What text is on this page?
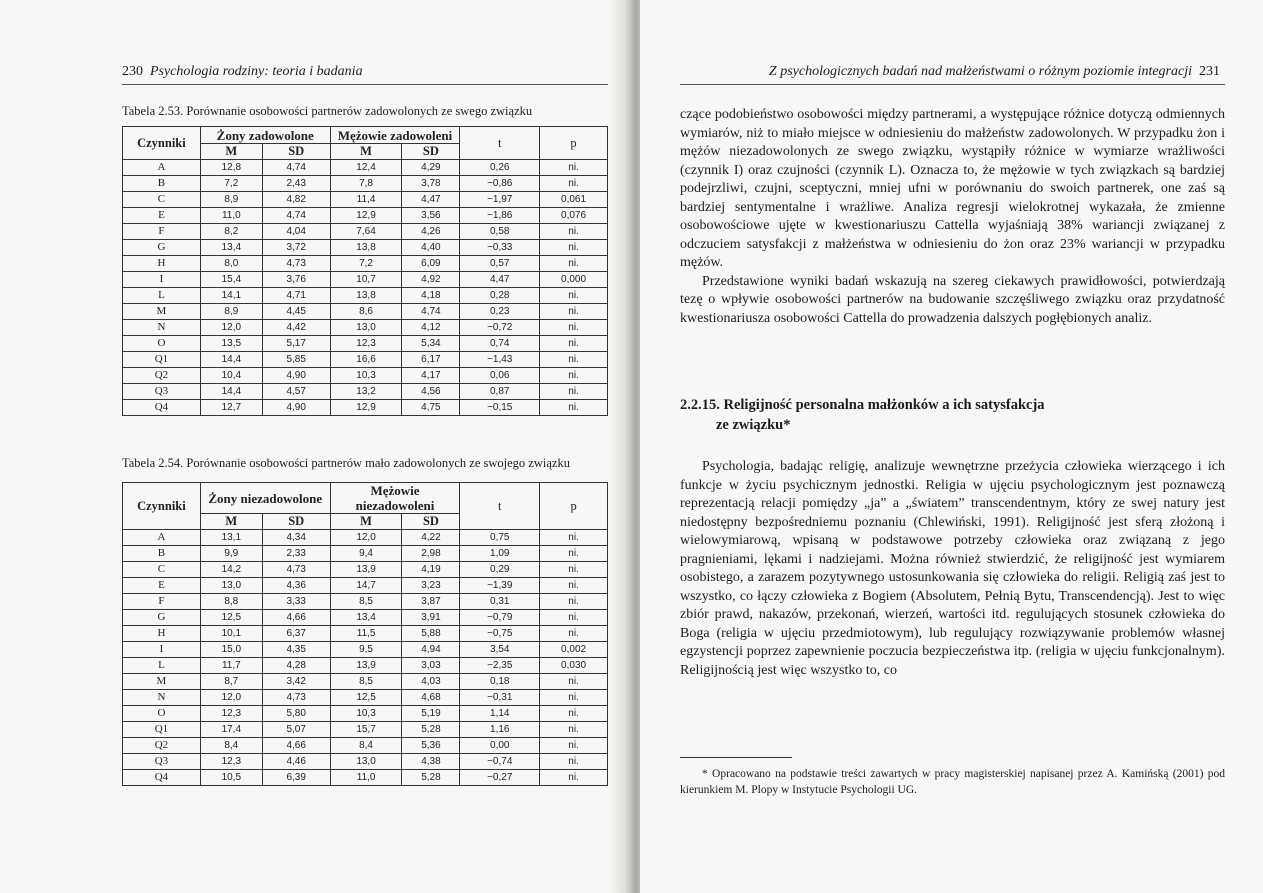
230 Psychologia rodziny: teoria i badania
Tabela 2.53. Porównanie osobowości partnerów zadowolonych ze swego związku
Czynniki	Żony zadowolone		Mężowie zadowoleni		t	p
	M	SD	M	SD		
A	12,8	4,74	12,4	4,29	0,26	ni.
B	7,2	2,43	7,8	3,78	−0,86	ni.
C	8,9	4,82	11,4	4,47	−1,97	0,061
E	11,0	4,74	12,9	3,56	−1,86	0,076
F	8,2	4,04	7,64	4,26	0,58	ni.
G	13,4	3,72	13,8	4,40	−0,33	ni.
H	8,0	4,73	7,2	6,09	0,57	ni.
I	15,4	3,76	10,7	4,92	4,47	0,000
L	14,1	4,71	13,8	4,18	0,28	ni.
M	8,9	4,45	8,6	4,74	0,23	ni.
N	12,0	4,42	13,0	4,12	−0,72	ni.
O	13,5	5,17	12,3	5,34	0,74	ni.
Q1	14,4	5,85	16,6	6,17	−1,43	ni.
Q2	10,4	4,90	10,3	4,17	0,06	ni.
Q3	14,4	4,57	13,2	4,56	0,87	ni.
Q4	12,7	4,90	12,9	4,75	−0,15	ni.
Tabela 2.54. Porównanie osobowości partnerów mało zadowolonych ze swojego związku
Czynniki	Żony niezadowolone		Mężowie niezadowoleni		t	p
	M	SD	M	SD		
A	13,1	4,34	12,0	4,22	0,75	ni.
B	9,9	2,33	9,4	2,98	1,09	ni.
C	14,2	4,73	13,9	4,19	0,29	ni.
E	13,0	4,36	14,7	3,23	−1,39	ni.
F	8,8	3,33	8,5	3,87	0,31	ni.
G	12,5	4,66	13,4	3,91	−0,79	ni.
H	10,1	6,37	11,5	5,88	−0,75	ni.
I	15,0	4,35	9,5	4,94	3,54	0,002
L	11,7	4,28	13,9	3,03	−2,35	0,030
M	8,7	3,42	8,5	4,03	0,18	ni.
N	12,0	4,73	12,5	4,68	−0,31	ni.
O	12,3	5,80	10,3	5,19	1,14	ni.
Q1	17,4	5,07	15,7	5,28	1,16	ni.
Q2	8,4	4,66	8,4	5,36	0,00	ni.
Q3	12,3	4,46	13,0	4,38	−0,74	ni.
Q4	10,5	6,39	11,0	5,28	−0,27	ni.
Z psychologicznych badań nad małżeństwami o różnym poziomie integracji 231

czące podobieństwo osobowości między partnerami, a występujące różnice dotyczą odmiennych wymiarów, niż to miało miejsce w odniesieniu do małżeństw zadowolonych. W przypadku żon i mężów niezadowolonych ze swego związku, wystąpiły różnice w wymiarze wrażliwości (czynnik I) oraz czujności (czynnik L). Oznacza to, że mężowie w tych związkach są bardziej podejrzliwi, czujni, sceptyczni, mniej ufni w porównaniu do swoich partnerek, one zaś są bardziej sentymentalne i wrażliwe. Analiza regresji wielokrotnej wykazała, że zmienne osobowościowe ujęte w kwestionariuszu Cattella wyjaśniają 38% wariancji związanej z odczuciem satysfakcji z małżeństwa w odniesieniu do żon oraz 23% wariancji w przypadku mężów.

Przedstawione wyniki badań wskazują na szereg ciekawych prawidłowości, potwierdzają tezę o wpływie osobowości partnerów na budowanie szczęśliwego związku oraz przydatność kwestionariusza osobowości Cattella do prowadzenia dalszych pogłębionych analiz.

2.2.15. Religijność personalna małżonków a ich satysfakcja
ze związku*

Psychologia, badając religię, analizuje wewnętrzne przeżycia człowieka wierzącego i ich funkcje w życiu psychicznym jednostki. Religia w ujęciu psychologicznym jest poznawczą reprezentacją relacji pomiędzy „ja” a „światem” transcendentnym, który ze swej natury jest niedostępny bezpośredniemu poznaniu (Chlewiński, 1991). Religijność jest sferą złożoną i wielowymiarową, wpisaną w podstawowe potrzeby człowieka oraz związaną z jego pragnieniami, lękami i nadziejami. Można również stwierdzić, że religijność jest wymiarem osobistego, a zarazem pozytywnego ustosunkowania się człowieka do religii. Religią zaś jest to wszystko, co łączy człowieka z Bogiem (Absolutem, Pełnią Bytu, Transcendencją). Jest to więc zbiór prawd, nakazów, przekonań, wierzeń, wartości itd. regulujących stosunek człowieka do Boga (religia w ujęciu przedmiotowym), lub regulujący rozwiązywanie problemów własnej egzystencji poprzez zapewnienie poczucia bezpieczeństwa itp. (religia w ujęciu funkcjonalnym). Religijnością jest więc wszystko to, co

* Opracowano na podstawie treści zawartych w pracy magisterskiej napisanej przez A. Kamińską (2001) pod kierunkiem M. Plopy w Instytucie Psychologii UG.
